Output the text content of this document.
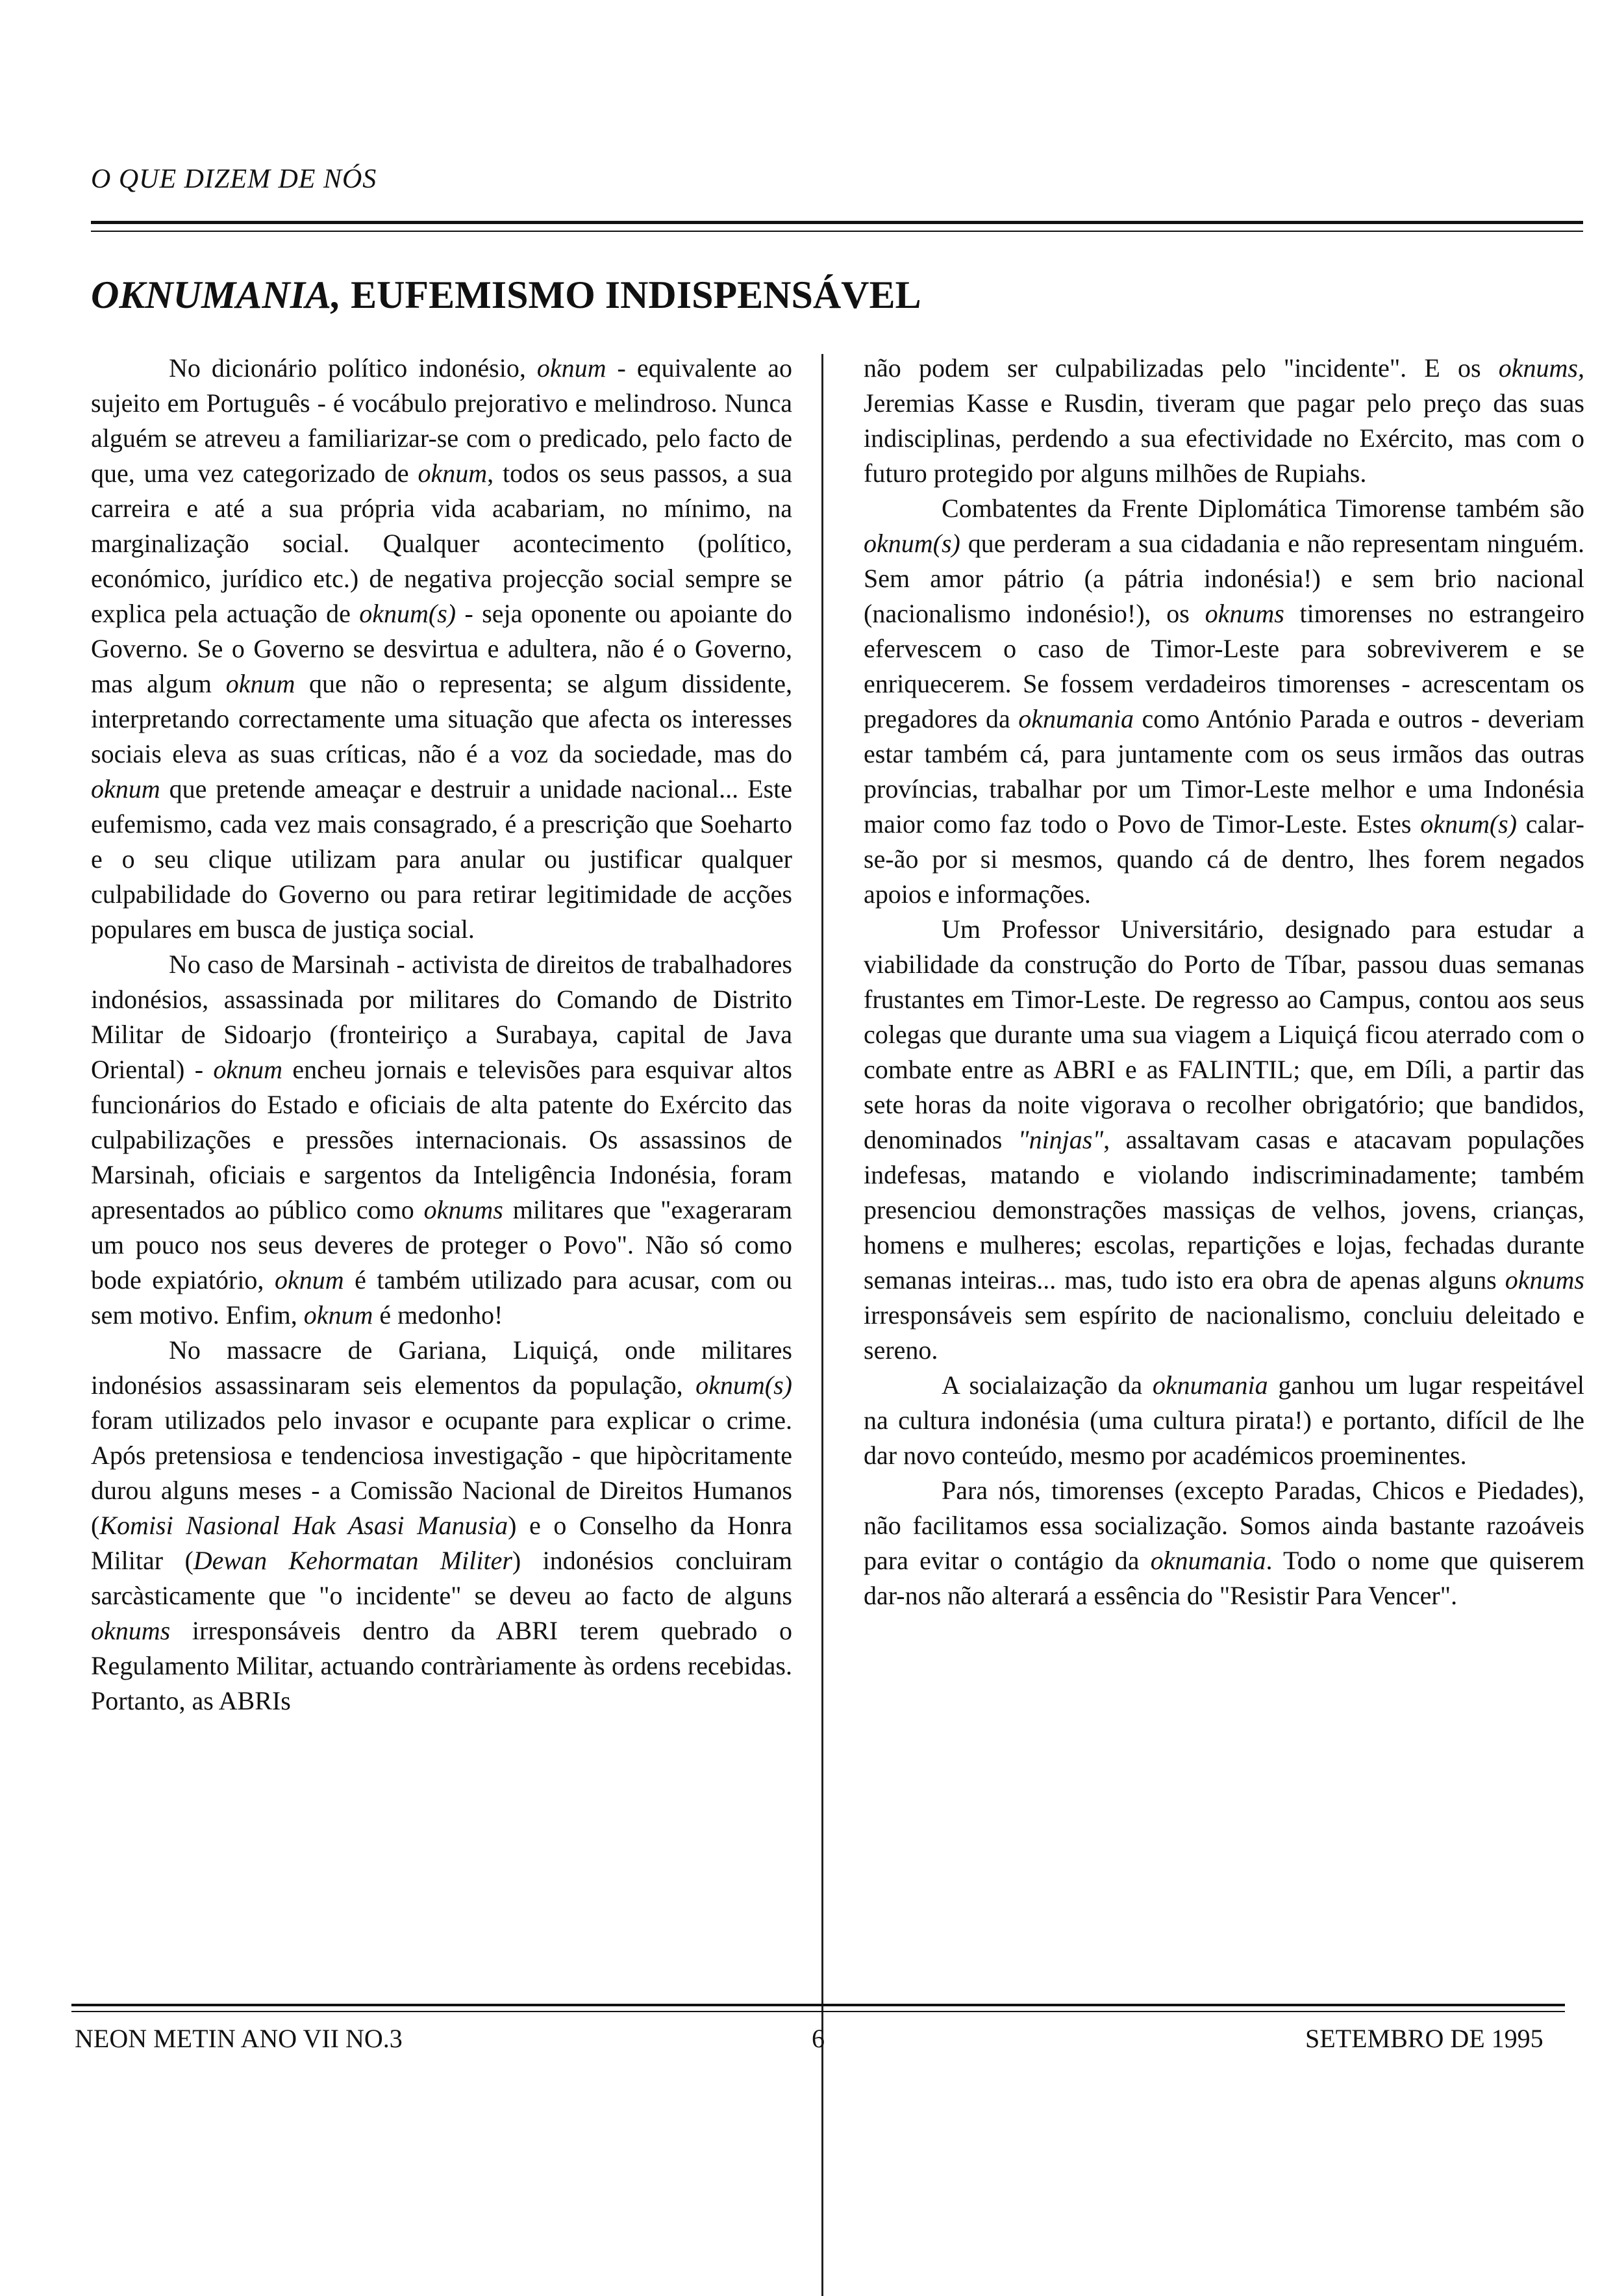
O QUE DIZEM DE NÓS
OKNUMANIA, EUFEMISMO INDISPENSÁVEL

No dicionário político indonésio, oknum - equivalente ao sujeito em Português - é vocábulo prejorativo e melindroso. Nunca alguém se atreveu a familiarizar-se com o predicado, pelo facto de que, uma vez categorizado de oknum, todos os seus passos, a sua carreira e até a sua própria vida acabariam, no mínimo, na marginalização social. Qualquer acontecimento (político, económico, jurídico etc.) de negativa projecção social sempre se explica pela actuação de oknum(s) - seja oponente ou apoiante do Governo. Se o Governo se desvirtua e adultera, não é o Governo, mas algum oknum que não o representa; se algum dissidente, interpretando correctamente uma situação que afecta os interesses sociais eleva as suas críticas, não é a voz da sociedade, mas do oknum que pretende ameaçar e destruir a unidade nacional... Este eufemismo, cada vez mais consagrado, é a prescrição que Soeharto e o seu clique utilizam para anular ou justificar qualquer culpabilidade do Governo ou para retirar legitimidade de acções populares em busca de justiça social.

No caso de Marsinah - activista de direitos de trabalhadores indonésios, assassinada por militares do Comando de Distrito Militar de Sidoarjo (fronteiriço a Surabaya, capital de Java Oriental) - oknum encheu jornais e televisões para esquivar altos funcionários do Estado e oficiais de alta patente do Exército das culpabilizações e pressões internacionais. Os assassinos de Marsinah, oficiais e sargentos da Inteligência Indonésia, foram apresentados ao público como oknums militares que "exageraram um pouco nos seus deveres de proteger o Povo". Não só como bode expiatório, oknum é também utilizado para acusar, com ou sem motivo. Enfim, oknum é medonho!

No massacre de Gariana, Liquiçá, onde militares indonésios assassinaram seis elementos da população, oknum(s) foram utilizados pelo invasor e ocupante para explicar o crime. Após pretensiosa e tendenciosa investigação - que hipòcritamente durou alguns meses - a Comissão Nacional de Direitos Humanos (Komisi Nasional Hak Asasi Manusia) e o Conselho da Honra Militar (Dewan Kehormatan Militer) indonésios concluiram sarcàsticamente que "o incidente" se deveu ao facto de alguns oknums irresponsáveis dentro da ABRI terem quebrado o Regulamento Militar, actuando contràriamente às ordens recebidas. Portanto, as ABRIs

não podem ser culpabilizadas pelo "incidente". E os oknums, Jeremias Kasse e Rusdin, tiveram que pagar pelo preço das suas indisciplinas, perdendo a sua efectividade no Exército, mas com o futuro protegido por alguns milhões de Rupiahs.

Combatentes da Frente Diplomática Timorense também são oknum(s) que perderam a sua cidadania e não representam ninguém. Sem amor pátrio (a pátria indonésia!) e sem brio nacional (nacionalismo indonésio!), os oknums timorenses no estrangeiro efervescem o caso de Timor-Leste para sobreviverem e se enriquecerem. Se fossem verdadeiros timorenses - acrescentam os pregadores da oknumania como António Parada e outros - deveriam estar também cá, para juntamente com os seus irmãos das outras províncias, trabalhar por um Timor-Leste melhor e uma Indonésia maior como faz todo o Povo de Timor-Leste. Estes oknum(s) calar-se-ão por si mesmos, quando cá de dentro, lhes forem negados apoios e informações.

Um Professor Universitário, designado para estudar a viabilidade da construção do Porto de Tíbar, passou duas semanas frustantes em Timor-Leste. De regresso ao Campus, contou aos seus colegas que durante uma sua viagem a Liquiçá ficou aterrado com o combate entre as ABRI e as FALINTIL; que, em Díli, a partir das sete horas da noite vigorava o recolher obrigatório; que bandidos, denominados "ninjas", assaltavam casas e atacavam populações indefesas, matando e violando indiscriminadamente; também presenciou demonstrações massiças de velhos, jovens, crianças, homens e mulheres; escolas, repartições e lojas, fechadas durante semanas inteiras... mas, tudo isto era obra de apenas alguns oknums irresponsáveis sem espírito de nacionalismo, concluiu deleitado e sereno.

A socialaização da oknumania ganhou um lugar respeitável na cultura indonésia (uma cultura pirata!) e portanto, difícil de lhe dar novo conteúdo, mesmo por académicos proeminentes.

Para nós, timorenses (excepto Paradas, Chicos e Piedades), não facilitamos essa socialização. Somos ainda bastante razoáveis para evitar o contágio da oknumania. Todo o nome que quiserem dar-nos não alterará a essência do "Resistir Para Vencer".

NEON METIN ANO VII NO.3	6	SETEMBRO DE 1995
